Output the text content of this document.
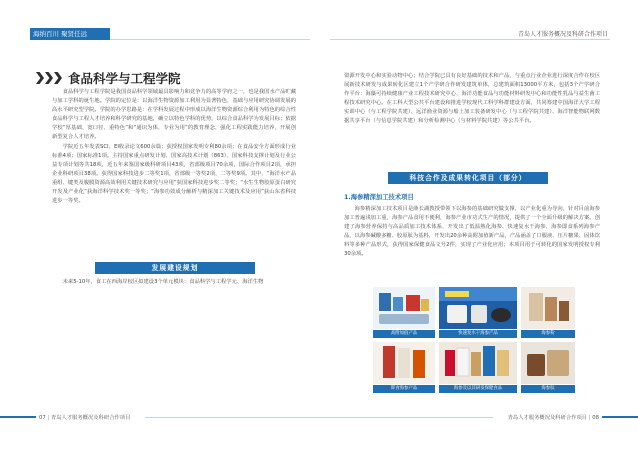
海纳百川 聚贤任远	青岛人才服务概况及科研合作项目
食品科学与工程学院

食品科学与工程学院是我国食品科学领域最具影响力和竞争力的高等学府之一，也是我国水产品贮藏与加工学科的诞生地。学院的定位是：以海洋生物资源加工利用为显著特色，基础与应用研究协调发展的高水平研究型学院。学院的办学思路是：在学科发展过程中形成以海洋生物资源综合利用为特色的综合性食品科学与工程人才培养和科学研究的基地，确立以特色学科的优势，以综合食品科学为发展目标；依据学校“厚基础、宽口径、重特色”和“通识为体，专业为用”的教育理念，强化工程实践能力培养，开展创新型复合人才培养。

学院近五年发表SCI、EI收录论文600余篇；获授权国家发明专利80余项；在食品安全方面形成行业标准4项；国家标准1项。主持国家重点研发计划、国家高技术计划（863）、国家科技支撑计划及行业公益专项计划等共18项，近五年来鉴国家级科研项目43项，省部级项目70余项，国际合作项目2项，承担企业科研项目38项。获得国家科技进步二等奖1项，省部级一等奖2项，二等奖9项。其中，“海洋水产品重组、键类及腹膜资源高效利用关键技术研究与应用”获国家科技进步奖二等奖；“水生生物胶原蛋白研究开发及产业化”获海洋科学技术奖一等奖；“海参功效成分解析与精深加工关键技术及应用”获山东省科技进步一等奖。

发展建设规划

未来5-10年，食工在西海岸校区拟建设3个单元模块：食品科学与工程学元、海洋生物

资源开发中心和实验动物中心；结合学院已具有良好基础的技术和产品，与重点行业企业进行深度合作在校区展新技术研发与成果转化区建立1个产学研合作研发建筑单体，总建筑面积13000平方米，包括3个产学研合作平台：海藻可持续健康产业工程技术研究中心、海洋功能食品与功能材料研发中心和功能性乳品与益生菌工程技术研究中心。在工科大型公共平台建设和推进学校现代工科学科群建设方面，共同筹建中国海洋大学工程实训中心（与工程学院共建）、远洋渔业资源与船上加工装备研发中心（与工程学院共建）、海洋智能物联网数据共享平台（与信息学院共建）和分析检测中心（与材料学院共建）等公共平台。

科技合作及成果转化项目（部分）
1.海参精深加工技术项目

海参精深加工技术项目是薛长湖教授带领下以海参的基础研究做支撑，以产业化重为导向，针对目前海参加工普遍浅加工重，海参产品食用不便利，海参产业市功式生产的情况，提供了一个全面升级的解决方案。创建了海参营养保持与高品质加工技术体系，开发出了低温熟化海参、快速复水干海参、海参即食系列海参产品，以海参碱酸多糖、胶原肽为基料，开发出20余种高附加值新产品，产品涵盖了口服液、压片糖果、固体饮料等多种产品形式，获得国家保健食品文号2件，实现了产业化应用；本项目用于可转化的国家发明授权专利30余项。

高附加值产品	快速复水干海参产品	海参粉
即食海参产品	海参及以其研发保健食品	海参肽
07 | 青岛人才服务概况及科研合作项目	青岛人才服务概况及科研合作项目 | 08
